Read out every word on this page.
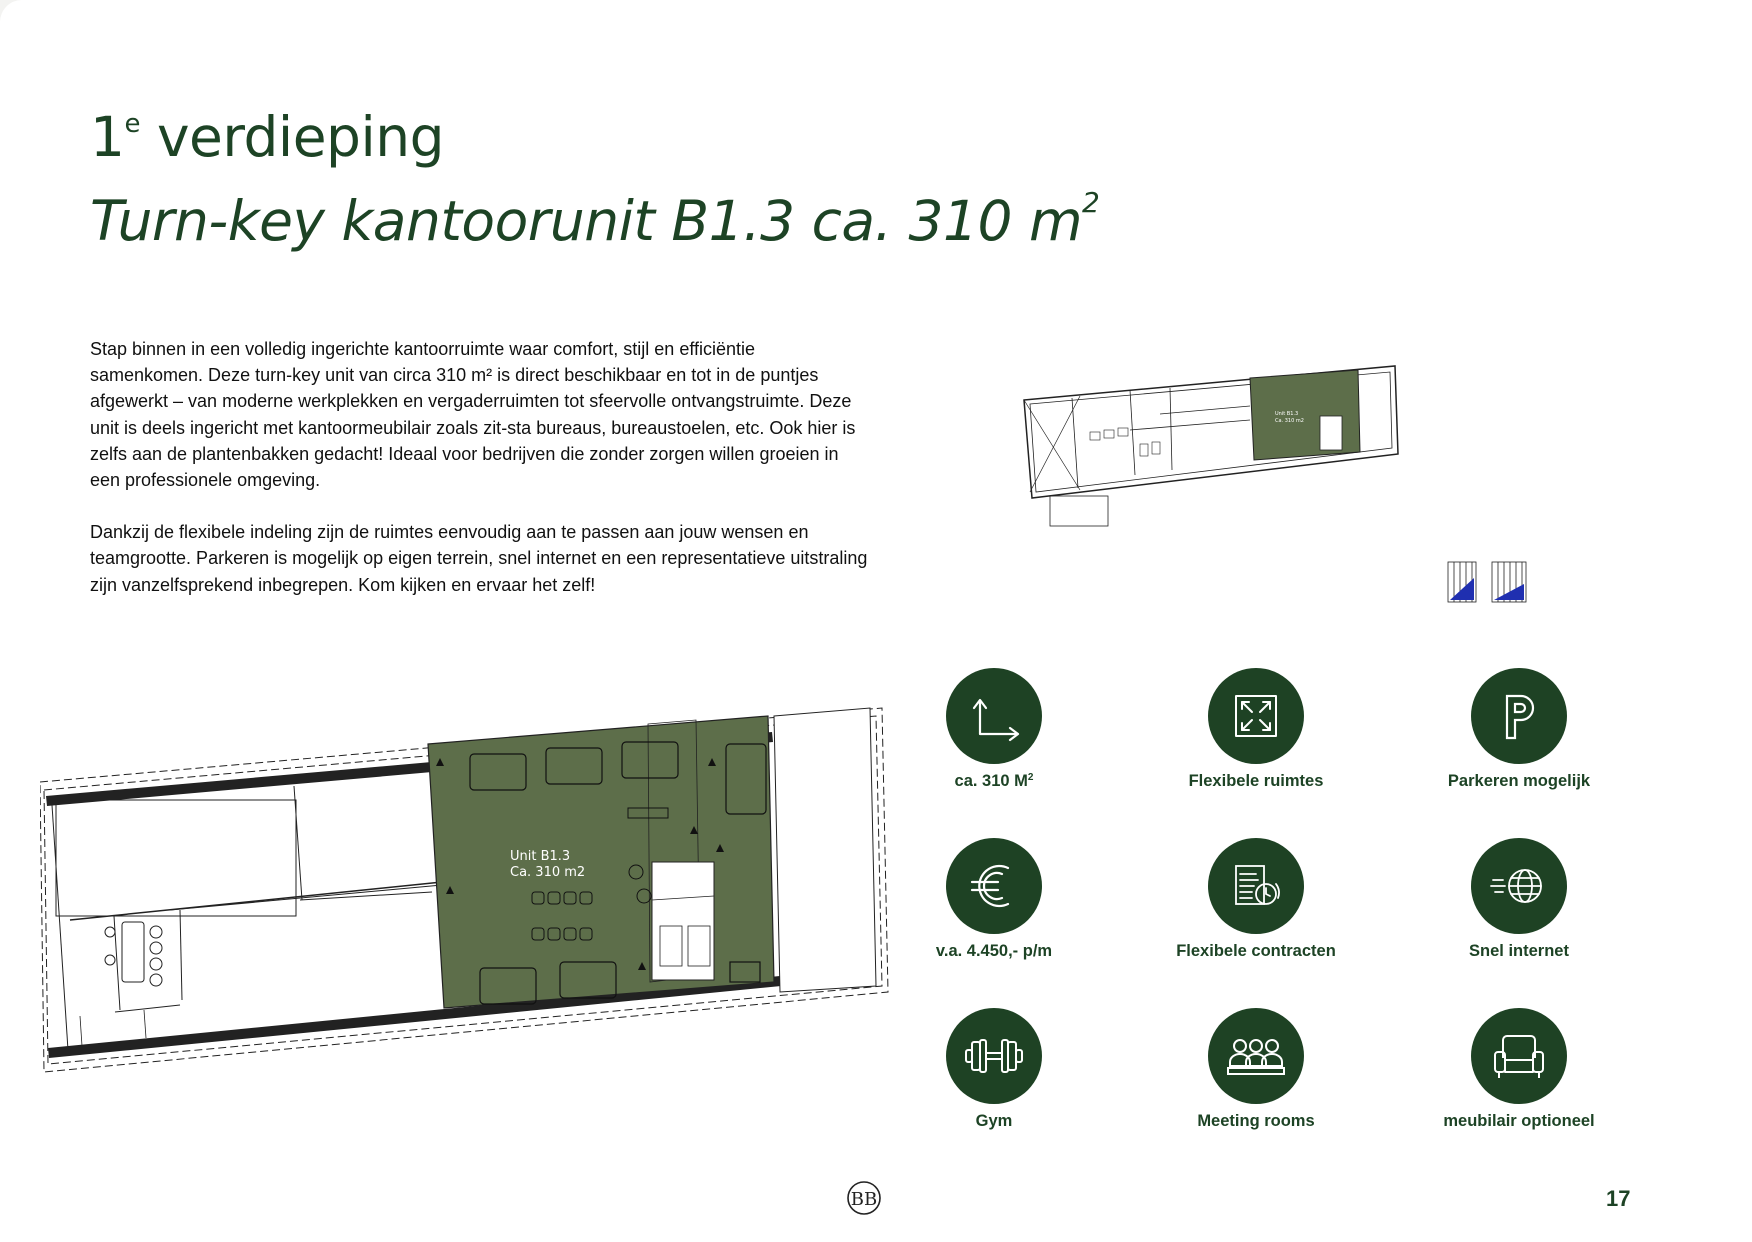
1e verdieping
Turn-key kantoorunit B1.3 ca. 310 $m^2$

Stap binnen in een volledig ingerichte kantoorruimte waar comfort, stijl en efficiëntie samenkomen. Deze turn-key unit van circa 310 m² is direct beschikbaar en tot in de puntjes afgewerkt – van moderne werkplekken en vergaderruimten tot sfeervolle ontvangstruimte. Deze unit is deels ingericht met kantoormeubilair zoals zit-sta bureaus, bureaustoelen, etc. Ook hier is zelfs aan de plantenbakken gedacht! Ideaal voor bedrijven die zonder zorgen willen groeien in een professionele omgeving.

Dankzij de flexibele indeling zijn de ruimtes eenvoudig aan te passen aan jouw wensen en teamgrootte. Parkeren is mogelijk op eigen terrein, snel internet en een representatieve uitstraling zijn vanzelfsprekend inbegrepen. Kom kijken en ervaar het zelf!

Unit B1.3
Ca. 310 m2
Unit B1.3
Ca. 310 m2
ca. 310 $M^2$	Flexibele ruimtes	Parkeren mogelijk
v.a. 4.450,- p/m	Flexibele contracten	Snel internet
Gym	Meeting rooms	meubilair optioneel
BB	17
